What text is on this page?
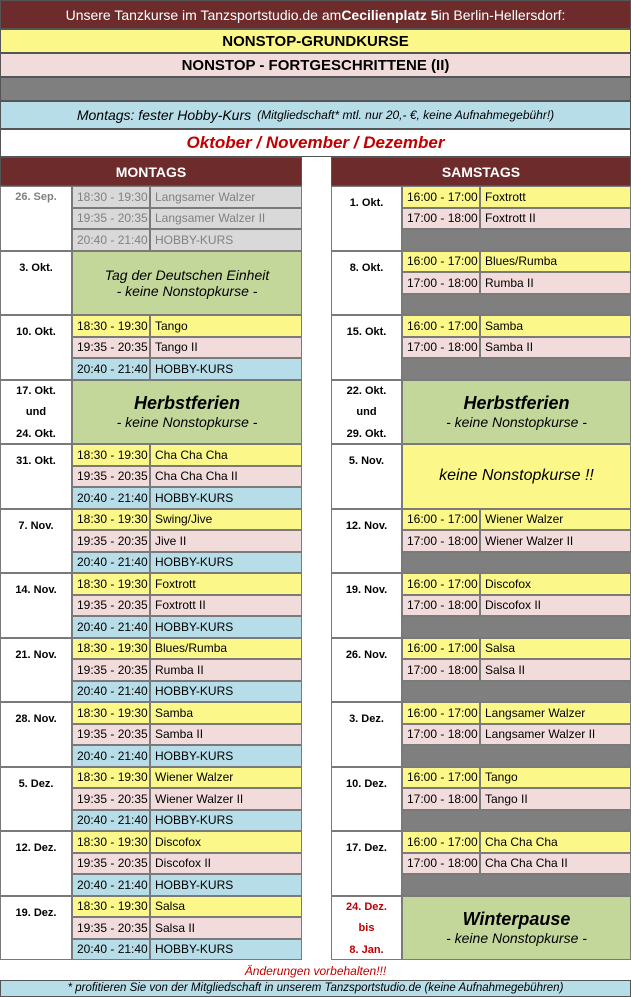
Unsere Tanzkurse im Tanzsportstudio.de am Cecilienplatz 5 in Berlin-Hellersdorf:
NONSTOP-GRUNDKURSE
NONSTOP - FORTGESCHRITTENE (II)
Montags: fester Hobby-Kurs (Mitgliedschaft* mtl. nur 20,- €, keine Aufnahmegebühr!)
Oktober / November / Dezember
MONTAGS	SAMSTAGS
26. Sep.	18:30 - 19:30 Langsamer Walzer
19:35 - 20:35 Langsamer Walzer II
20:40 - 21:40 HOBBY-KURS
3. Okt.	Tag der Deutschen Einheit
- keine Nonstopkurse -
10. Okt.	18:30 - 19:30 Tango
19:35 - 20:35 Tango II
20:40 - 21:40 HOBBY-KURS
17. Okt.
und
24. Okt.
Herbstferien
- keine Nonstopkurse -
31. Okt.	18:30 - 19:30 Cha Cha Cha
19:35 - 20:35 Cha Cha Cha II
20:40 - 21:40 HOBBY-KURS
7. Nov.	18:30 - 19:30 Swing/Jive
19:35 - 20:35 Jive II
20:40 - 21:40 HOBBY-KURS
14. Nov.	18:30 - 19:30 Foxtrott
19:35 - 20:35 Foxtrott II
20:40 - 21:40 HOBBY-KURS
21. Nov.	18:30 - 19:30 Blues/Rumba
19:35 - 20:35 Rumba II
20:40 - 21:40 HOBBY-KURS
28. Nov.	18:30 - 19:30 Samba
19:35 - 20:35 Samba II
20:40 - 21:40 HOBBY-KURS
5. Dez.	18:30 - 19:30 Wiener Walzer
19:35 - 20:35 Wiener Walzer II
20:40 - 21:40 HOBBY-KURS
12. Dez.	18:30 - 19:30 Discofox
19:35 - 20:35 Discofox II
20:40 - 21:40 HOBBY-KURS
19. Dez.	18:30 - 19:30 Salsa
19:35 - 20:35 Salsa II
20:40 - 21:40 HOBBY-KURS
1. Okt.	16:00 - 17:00 Foxtrott
17:00 - 18:00 Foxtrott II
8. Okt.	16:00 - 17:00 Blues/Rumba
17:00 - 18:00 Rumba II
15. Okt.	16:00 - 17:00 Samba
17:00 - 18:00 Samba II
22. Okt.
und
29. Okt.
Herbstferien
- keine Nonstopkurse -
5. Nov.
keine Nonstopkurse !!
12. Nov.	16:00 - 17:00 Wiener Walzer
17:00 - 18:00 Wiener Walzer II
19. Nov.	16:00 - 17:00 Discofox
17:00 - 18:00 Discofox II
26. Nov.	16:00 - 17:00 Salsa
17:00 - 18:00 Salsa II
3. Dez.	16:00 - 17:00 Langsamer Walzer
17:00 - 18:00 Langsamer Walzer II
10. Dez.	16:00 - 17:00 Tango
17:00 - 18:00 Tango II
17. Dez.	16:00 - 17:00 Cha Cha Cha
17:00 - 18:00 Cha Cha Cha II
24. Dez.
bis
8. Jan.
Winterpause
- keine Nonstopkurse -
Änderungen vorbehalten!!!
* profitieren Sie von der Mitgliedschaft in unserem Tanzsportstudio.de (keine Aufnahmegebühren)
